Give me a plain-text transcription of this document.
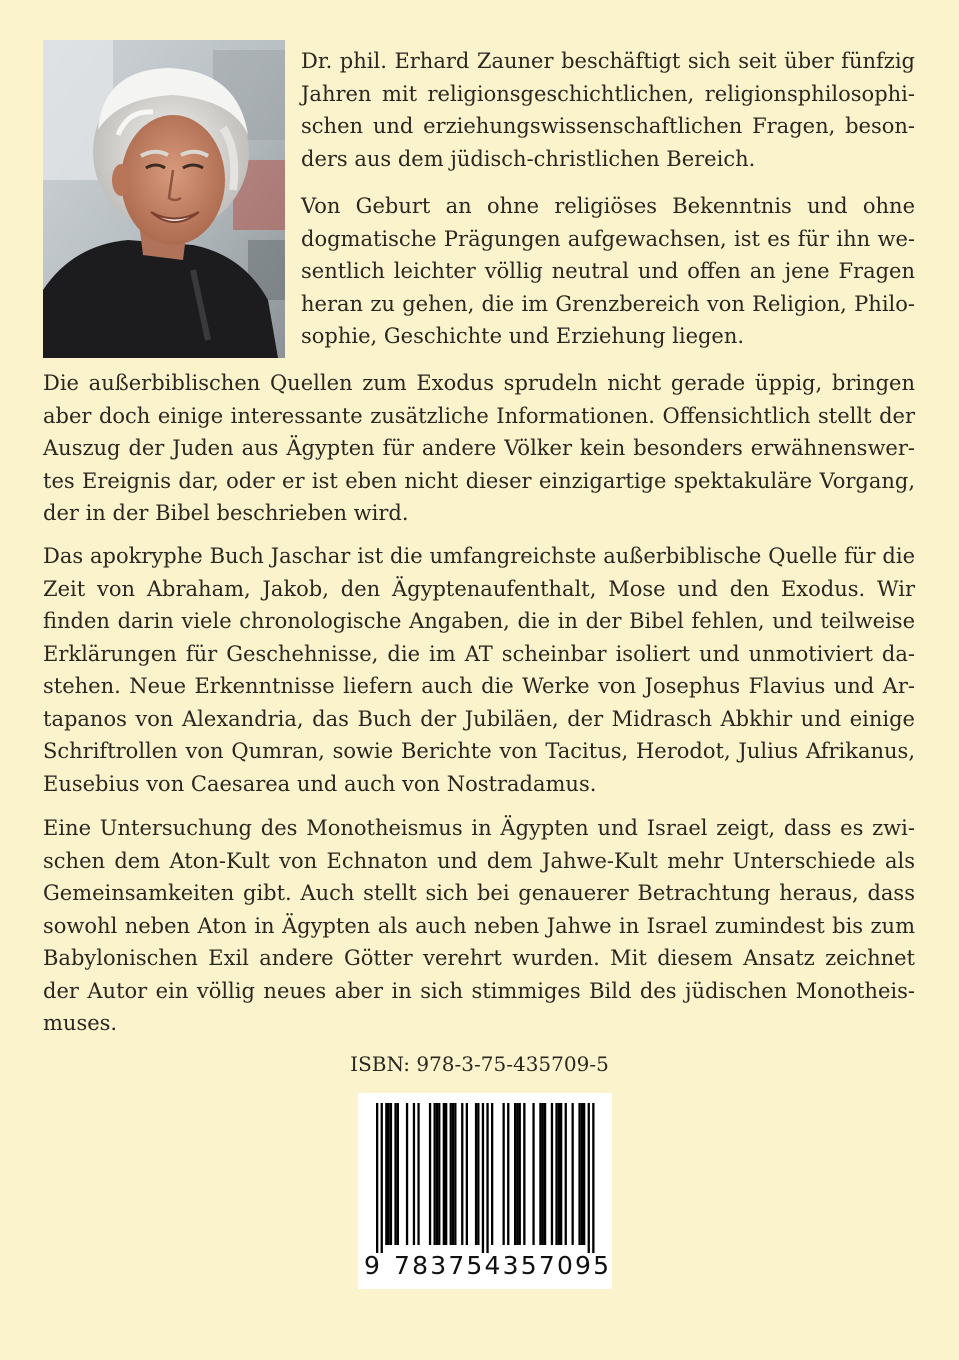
Dr. phil. Erhard Zauner beschäftigt sich seit über fünfzig Jahren mit religionsgeschichtlichen, religionsphilosophischen und erziehungswissenschaftlichen Fragen, besonders aus dem jüdisch-christlichen Bereich.

Von Geburt an ohne religiöses Bekenntnis und ohne dogmatische Prägungen aufgewachsen, ist es für ihn wesentlich leichter völlig neutral und offen an jene Fragen heran zu gehen, die im Grenzbereich von Religion, Philosophie, Geschichte und Erziehung liegen.

Die außerbiblischen Quellen zum Exodus sprudeln nicht gerade üppig, bringen aber doch einige interessante zusätzliche Informationen. Offensichtlich stellt der Auszug der Juden aus Ägypten für andere Völker kein besonders erwähnenswertes Ereignis dar, oder er ist eben nicht dieser einzigartige spektakuläre Vorgang, der in der Bibel beschrieben wird.

Das apokryphe Buch Jaschar ist die umfangreichste außerbiblische Quelle für die Zeit von Abraham, Jakob, den Ägyptenaufenthalt, Mose und den Exodus. Wir finden darin viele chronologische Angaben, die in der Bibel fehlen, und teilweise Erklärungen für Geschehnisse, die im AT scheinbar isoliert und unmotiviert dastehen. Neue Erkenntnisse liefern auch die Werke von Josephus Flavius und Artapanos von Alexandria, das Buch der Jubiläen, der Midrasch Abkhir und einige Schriftrollen von Qumran, sowie Berichte von Tacitus, Herodot, Julius Afrikanus, Eusebius von Caesarea und auch von Nostradamus.

Eine Untersuchung des Monotheismus in Ägypten und Israel zeigt, dass es zwischen dem Aton-Kult von Echnaton und dem Jahwe-Kult mehr Unterschiede als Gemeinsamkeiten gibt. Auch stellt sich bei genauerer Betrachtung heraus, dass sowohl neben Aton in Ägypten als auch neben Jahwe in Israel zumindest bis zum Babylonischen Exil andere Götter verehrt wurden. Mit diesem Ansatz zeichnet der Autor ein völlig neues aber in sich stimmiges Bild des jüdischen Monotheismuses.

ISBN: 978-3-75-435709-5
9 783754357095
